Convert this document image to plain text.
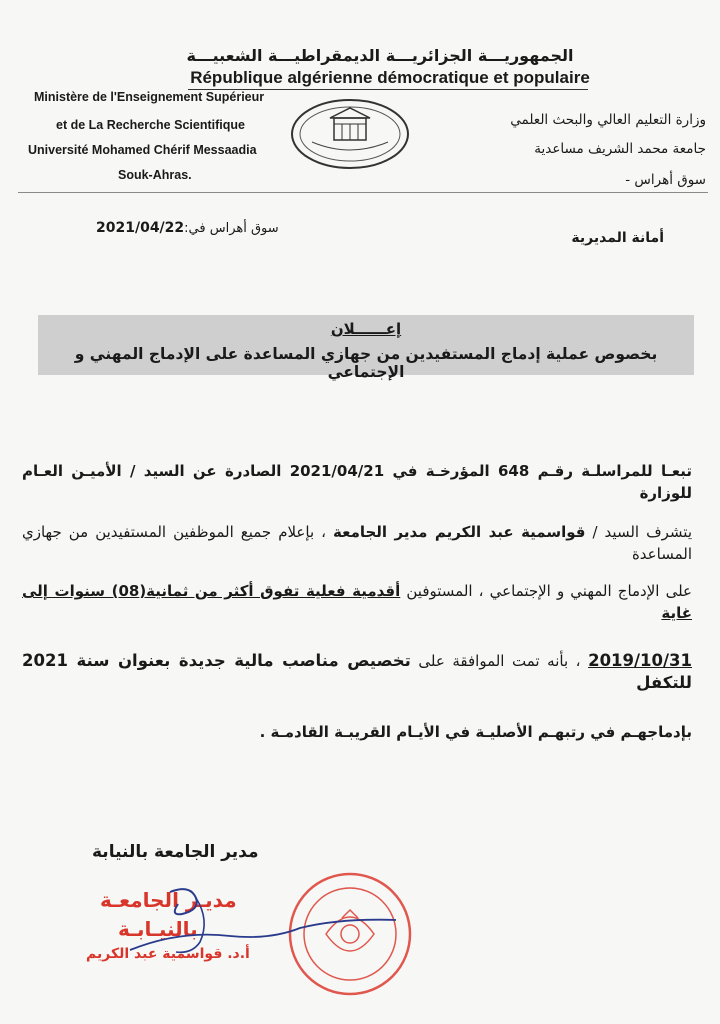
الجمهوريـــة الجزائريـــة الديمقراطيـــة الشعبيـــة
République algérienne démocratique et populaire
Ministère de l'Enseignement Supérieur
et de La Recherche Scientifique
Université Mohamed Chérif Messaadia
Souk-Ahras.
وزارة التعليم العالي والبحث العلمي
جامعة محمد الشريف مساعدية
سوق أهراس -
سوق أهراس في:2021/04/22
أمانة المديرية
إعــــــلان
بخصوص عملية إدماج المستفيدين من جهازي المساعدة على الإدماج المهني و الإجتماعي
تبعـا للمراسلـة رقـم 648 المؤرخـة في 2021/04/21 الصادرة عن السيد / الأميـن العـام للوزارة
يتشرف السيد / قواسمية عبد الكريم مدير الجامعة ، بإعلام جميع الموظفين المستفيدين من جهازي المساعدة
على الإدماج المهني و الإجتماعي ، المستوفين أقدمية فعلية تفوق أكثر من ثمانية(08) سنوات إلى غاية
2019/10/31 ، بأنه تمت الموافقة على تخصيص مناصب مالية جديدة بعنوان سنة 2021 للتكفل
بإدماجهـم في رتبهـم الأصليـة في الأيـام القريبـة القادمـة .
مدير الجامعة بالنيابة
مديـر الجامعـة
بالنيـابـة
أ.د. قواسمية عبد الكريم
